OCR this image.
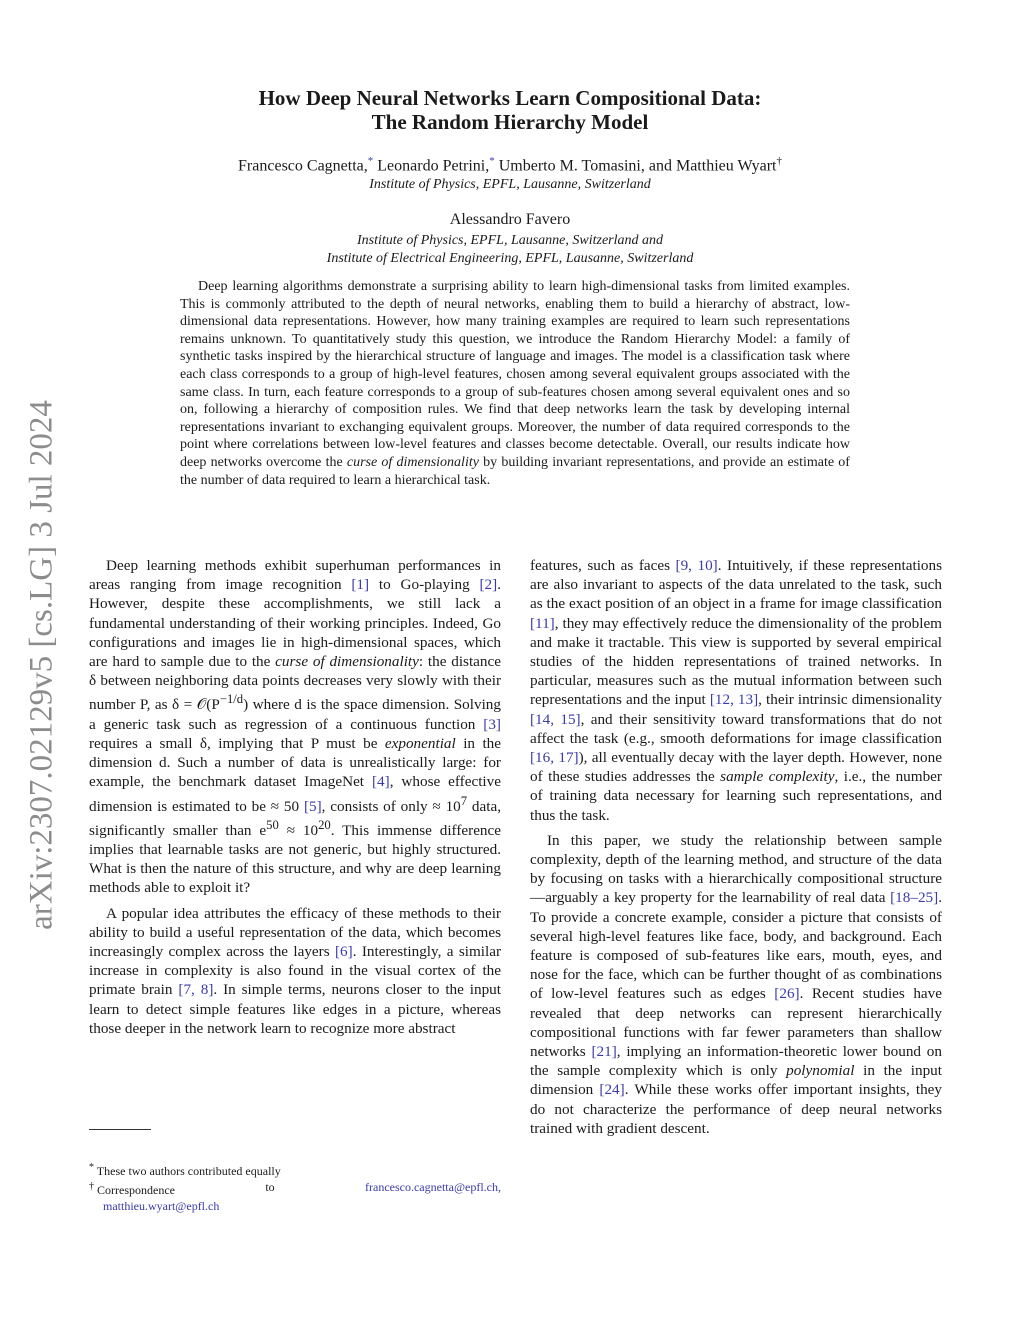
arXiv:2307.02129v5 [cs.LG] 3 Jul 2024
How Deep Neural Networks Learn Compositional Data:
The Random Hierarchy Model
Francesco Cagnetta,* Leonardo Petrini,* Umberto M. Tomasini, and Matthieu Wyart†
Institute of Physics, EPFL, Lausanne, Switzerland
Alessandro Favero
Institute of Physics, EPFL, Lausanne, Switzerland and
Institute of Electrical Engineering, EPFL, Lausanne, Switzerland
Deep learning algorithms demonstrate a surprising ability to learn high-dimensional tasks from limited examples. This is commonly attributed to the depth of neural networks, enabling them to build a hierarchy of abstract, low-dimensional data representations. However, how many training examples are required to learn such representations remains unknown. To quantitatively study this question, we introduce the Random Hierarchy Model: a family of synthetic tasks inspired by the hierarchical structure of language and images. The model is a classification task where each class corresponds to a group of high-level features, chosen among several equivalent groups associated with the same class. In turn, each feature corresponds to a group of sub-features chosen among several equivalent ones and so on, following a hierarchy of composition rules. We find that deep networks learn the task by developing internal representations invariant to exchanging equivalent groups. Moreover, the number of data required corresponds to the point where correlations between low-level features and classes become detectable. Overall, our results indicate how deep networks overcome the curse of dimensionality by building invariant representations, and provide an estimate of the number of data required to learn a hierarchical task.

Deep learning methods exhibit superhuman performances in areas ranging from image recognition [1] to Go-playing [2]. However, despite these accomplishments, we still lack a fundamental understanding of their working principles. Indeed, Go configurations and images lie in high-dimensional spaces, which are hard to sample due to the curse of dimensionality: the distance δ between neighboring data points decreases very slowly with their number P, as $\delta = 𝒪(P^{-1/d})$ where d is the space dimension. Solving a generic task such as regression of a continuous function [3] requires a small δ, implying that P must be exponential in the dimension d. Such a number of data is unrealistically large: for example, the benchmark dataset ImageNet [4], whose effective dimension is estimated to be ≈ 50 [5], consists of only ≈ $10^7$ data, significantly smaller than $e^{50} \approx 10^{20}$. This immense difference implies that learnable tasks are not generic, but highly structured. What is then the nature of this structure, and why are deep learning methods able to exploit it?

A popular idea attributes the efficacy of these methods to their ability to build a useful representation of the data, which becomes increasingly complex across the layers [6]. Interestingly, a similar increase in complexity is also found in the visual cortex of the primate brain [7, 8]. In simple terms, neurons closer to the input learn to detect simple features like edges in a picture, whereas those deeper in the network learn to recognize more abstract

features, such as faces [9, 10]. Intuitively, if these representations are also invariant to aspects of the data unrelated to the task, such as the exact position of an object in a frame for image classification [11], they may effectively reduce the dimensionality of the problem and make it tractable. This view is supported by several empirical studies of the hidden representations of trained networks. In particular, measures such as the mutual information between such representations and the input [12, 13], their intrinsic dimensionality [14, 15], and their sensitivity toward transformations that do not affect the task (e.g., smooth deformations for image classification [16, 17]), all eventually decay with the layer depth. However, none of these studies addresses the sample complexity, i.e., the number of training data necessary for learning such representations, and thus the task.

In this paper, we study the relationship between sample complexity, depth of the learning method, and structure of the data by focusing on tasks with a hierarchically compositional structure—arguably a key property for the learnability of real data [18–25]. To provide a concrete example, consider a picture that consists of several high-level features like face, body, and background. Each feature is composed of sub-features like ears, mouth, eyes, and nose for the face, which can be further thought of as combinations of low-level features such as edges [26]. Recent studies have revealed that deep networks can represent hierarchically compositional functions with far fewer parameters than shallow networks [21], implying an information-theoretic lower bound on the sample complexity which is only polynomial in the input dimension [24]. While these works offer important insights, they do not characterize the performance of deep neural networks trained with gradient descent.

* These two authors contributed equally
† Correspondence	to	francesco.cagnetta@epfl.ch,
matthieu.wyart@epfl.ch
